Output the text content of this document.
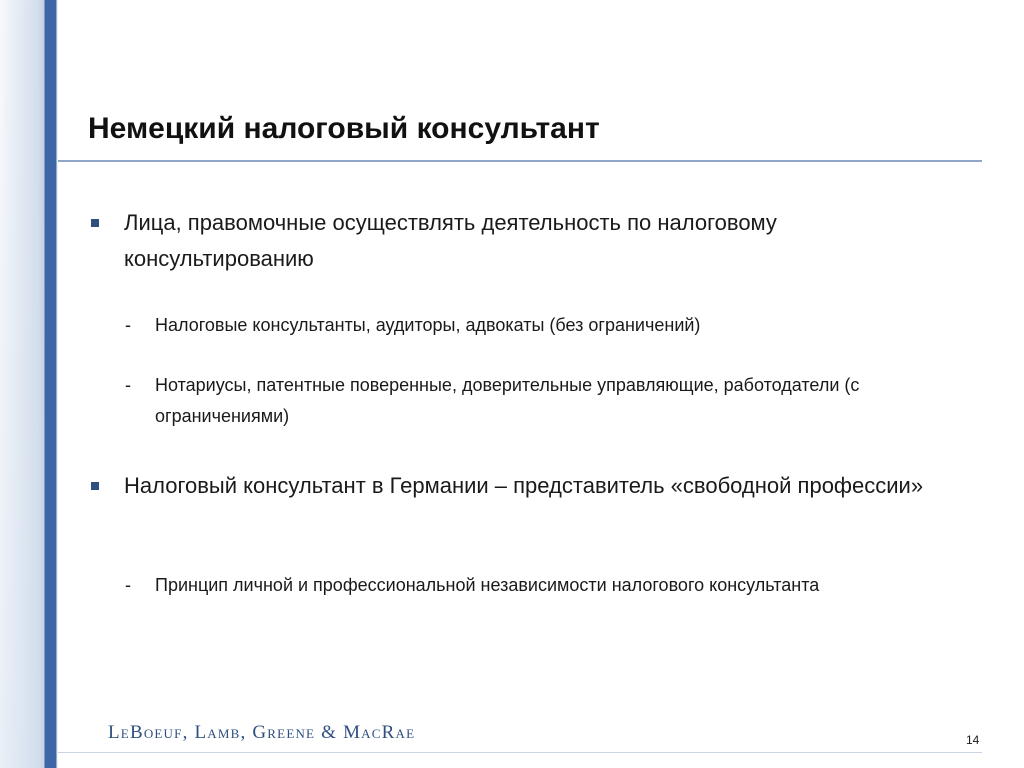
Немецкий налоговый консультант
Лица, правомочные осуществлять деятельность по налоговому консультированию
- Налоговые консультанты, аудиторы, адвокаты (без ограничений)
- Нотариусы, патентные поверенные, доверительные управляющие, работодатели (с ограничениями)
Налоговый консультант в Германии – представитель «свободной профессии»
- Принцип личной и профессиональной независимости налогового консультанта
LeBoeuf, Lamb, Greene & MacRae	14
